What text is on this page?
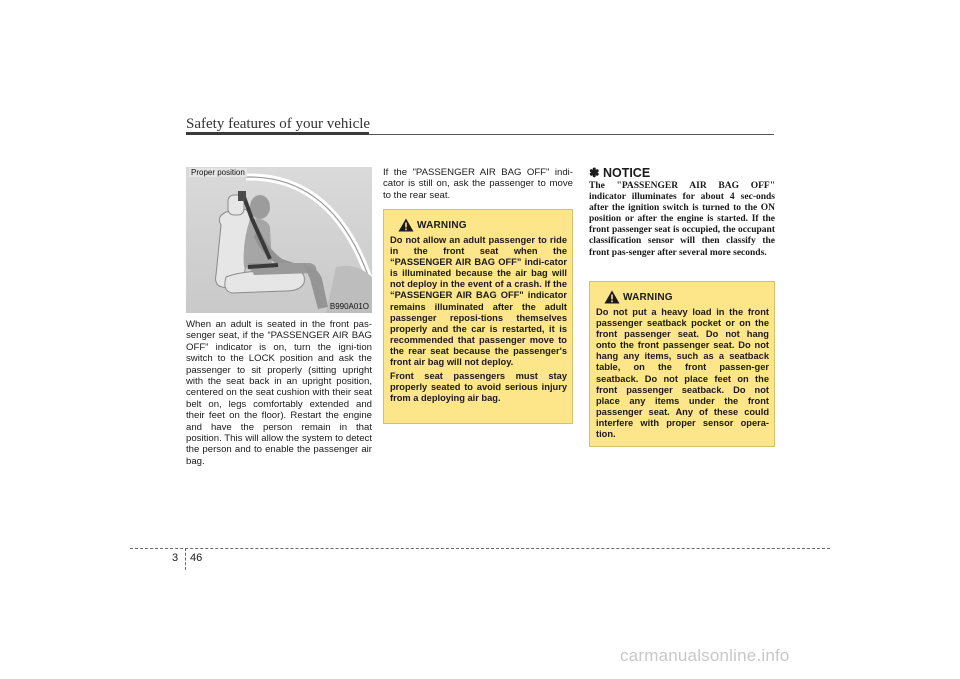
Safety features of your vehicle
Proper position
B990A01O
When an adult is seated in the front pas-senger seat, if the “PASSENGER AIR BAG OFF” indicator is on, turn the igni-tion switch to the LOCK position and ask the passenger to sit properly (sitting upright with the seat back in an upright position, centered on the seat cushion with their seat belt on, legs comfortably extended and their feet on the floor). Restart the engine and have the person remain in that position. This will allow the system to detect the person and to enable the passenger air bag.
If the "PASSENGER AIR BAG OFF" indi-cator is still on, ask the passenger to move to the rear seat.
WARNING

Do not allow an adult passenger to ride in the front seat when the “PASSENGER AIR BAG OFF” indi-cator is illuminated because the air bag will not deploy in the event of a crash. If the “PASSENGER AIR BAG OFF" indicator remains illuminated after the adult passenger reposi-tions themselves properly and the car is restarted, it is recommended that passenger move to the rear seat because the passenger's front air bag will not deploy.

Front seat passengers must stay properly seated to avoid serious injury from a deploying air bag.

✽ NOTICE
The "PASSENGER AIR BAG OFF" indicator illuminates for about 4 sec-onds after the ignition switch is turned to the ON position or after the engine is started. If the front passenger seat is occupied, the occupant classification sensor will then classify the front pas-senger after several more seconds.
WARNING

Do not put a heavy load in the front passenger seatback pocket or on the front passenger seat. Do not hang onto the front passenger seat. Do not hang any items, such as a seatback table, on the front passen-ger seatback. Do not place feet on the front passenger seatback. Do not place any items under the front passenger seat. Any of these could interfere with proper sensor opera-tion.

3 46
carmanualsonline.info
